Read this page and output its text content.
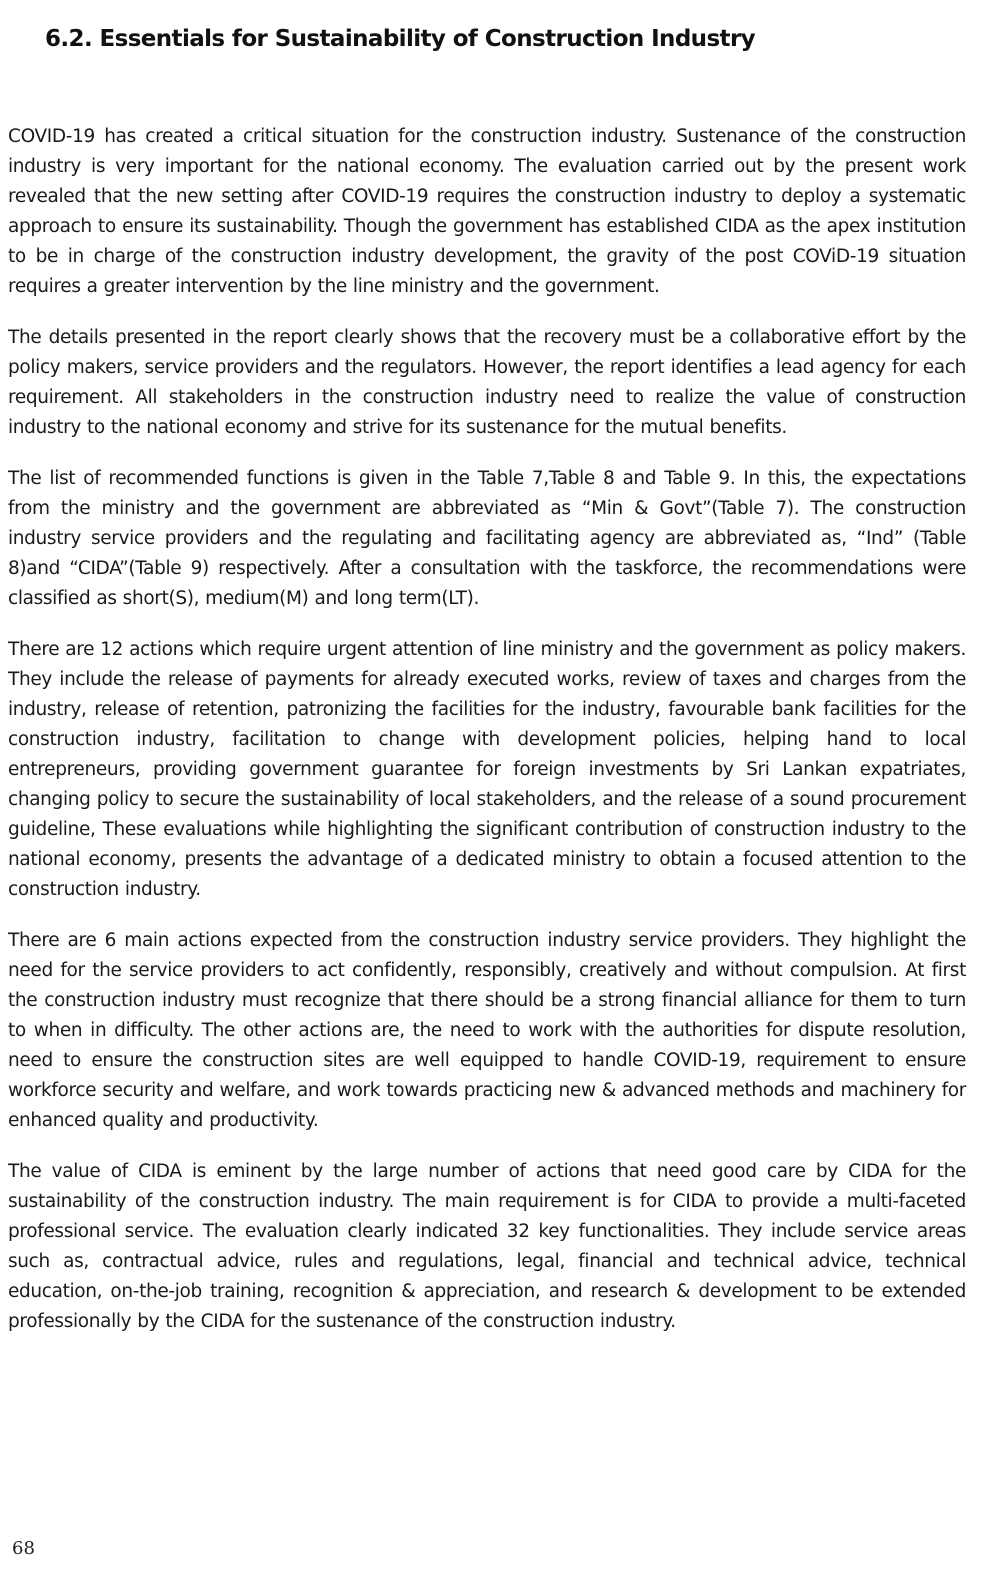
6.2. Essentials for Sustainability of Construction Industry

COVID-19 has created a critical situation for the construction industry. Sustenance of the construction industry is very important for the national economy. The evaluation carried out by the present work revealed that the new setting after COVID-19 requires the construction industry to deploy a systematic approach to ensure its sustainability. Though the government has established CIDA as the apex institution to be in charge of the construction industry development, the gravity of the post COViD-19 situation requires a greater intervention by the line ministry and the government.

The details presented in the report clearly shows that the recovery must be a collaborative effort by the policy makers, service providers and the regulators. However, the report identifies a lead agency for each requirement. All stakeholders in the construction industry need to realize the value of construction industry to the national economy and strive for its sustenance for the mutual benefits.

The list of recommended functions is given in the Table 7,Table 8 and Table 9. In this, the expectations from the ministry and the government are abbreviated as “Min & Govt”(Table 7). The construction industry service providers and the regulating and facilitating agency are abbreviated as, “Ind” (Table 8)and “CIDA”(Table 9) respectively. After a consultation with the taskforce, the recommendations were classified as short(S), medium(M) and long term(LT).

There are 12 actions which require urgent attention of line ministry and the government as policy makers. They include the release of payments for already executed works, review of taxes and charges from the industry, release of retention, patronizing the facilities for the industry, favourable bank facilities for the construction industry, facilitation to change with development policies, helping hand to local entrepreneurs, providing government guarantee for foreign investments by Sri Lankan expatriates, changing policy to secure the sustainability of local stakeholders, and the release of a sound procurement guideline, These evaluations while highlighting the significant contribution of construction industry to the national economy, presents the advantage of a dedicated ministry to obtain a focused attention to the construction industry.

There are 6 main actions expected from the construction industry service providers. They highlight the need for the service providers to act confidently, responsibly, creatively and without compulsion. At first the construction industry must recognize that there should be a strong financial alliance for them to turn to when in difficulty. The other actions are, the need to work with the authorities for dispute resolution, need to ensure the construction sites are well equipped to handle COVID-19, requirement to ensure workforce security and welfare, and work towards practicing new & advanced methods and machinery for enhanced quality and productivity.

The value of CIDA is eminent by the large number of actions that need good care by CIDA for the sustainability of the construction industry. The main requirement is for CIDA to provide a multi-faceted professional service. The evaluation clearly indicated 32 key functionalities. They include service areas such as, contractual advice, rules and regulations, legal, financial and technical advice, technical education, on-the-job training, recognition & appreciation, and research & development to be extended professionally by the CIDA for the sustenance of the construction industry.

68
